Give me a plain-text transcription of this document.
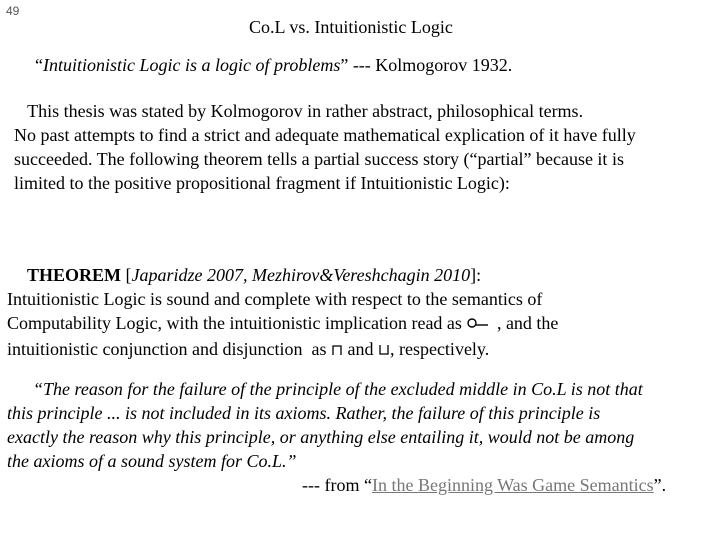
49
Co.L vs. Intuitionistic Logic
“Intuitionistic Logic is a logic of problems” --- Kolmogorov 1932.
This thesis was stated by Kolmogorov in rather abstract, philosophical terms.
No past attempts to find a strict and adequate mathematical explication of it have fully
succeeded. The following theorem tells a partial success story (“partial” because it is
limited to the positive propositional fragment if Intuitionistic Logic):
THEOREM [Japaridze 2007, Mezhirov&Vereshchagin 2010]:
Intuitionistic Logic is sound and complete with respect to the semantics of
Computability Logic, with the intuitionistic implication read as  , and the
intuitionistic conjunction and disjunction  as  and , respectively.
“The reason for the failure of the principle of the excluded middle in Co.L is not that
this principle ... is not included in its axioms. Rather, the failure of this principle is
exactly the reason why this principle, or anything else entailing it, would not be among
the axioms of a sound system for Co.L.”
--- from “In the Beginning Was Game Semantics”.
